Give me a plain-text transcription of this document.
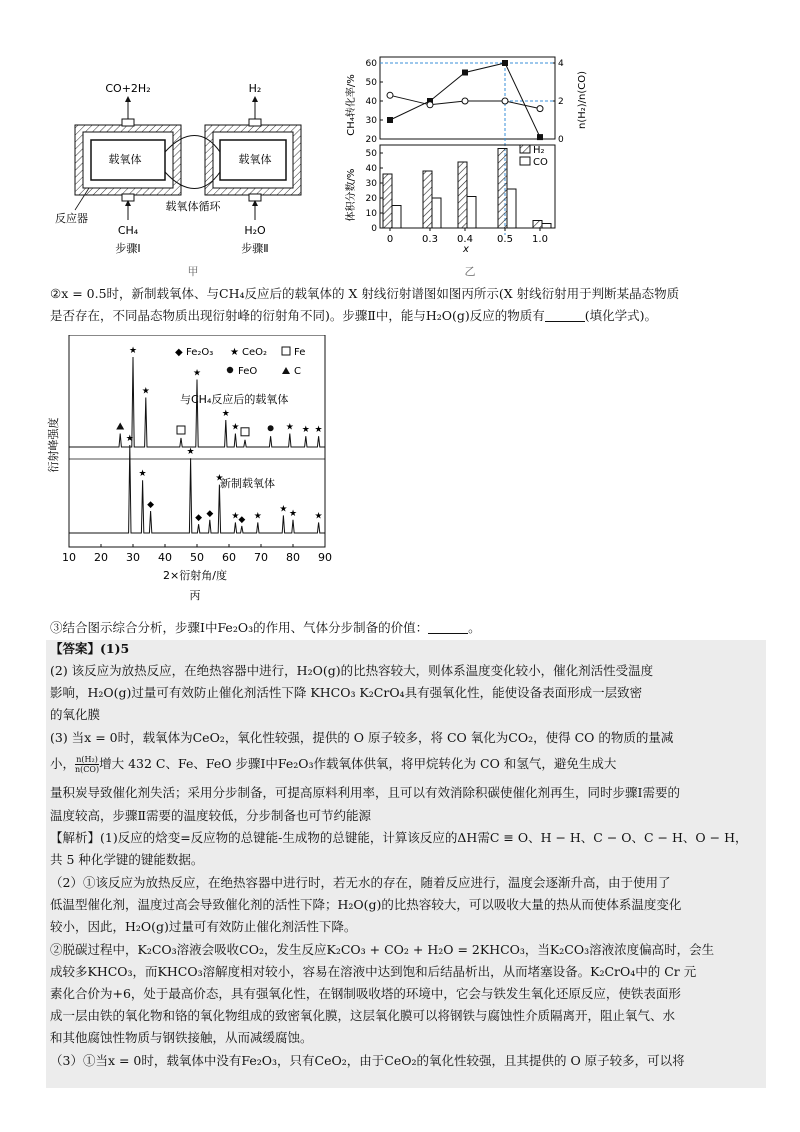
CO+2H₂	H₂
载氧体	载氧体
反应器
载氧体循环
CH₄	H₂O
步骤Ⅰ	步骤Ⅱ
甲
CH₄转化率/%	n(H₂)/n(CO)
体积分数/%
20
30
40
50
60
0
2
4
0
10
20
30
40
50
0	0.3 0.4 0.5 1.0
H₂
CO
x
乙
②x = 0.5时，新制载氧体、与CH₄反应后的载氧体的 X 射线衍射谱图如图丙所示(X 射线衍射用于判断某晶态物质
是否存在，不同晶态物质出现衍射峰的衍射角不同)。步骤Ⅱ中，能与H₂O(g)反应的物质有	(填化学式)。
◆ Fe₂O₃ ★ CeO₂	Fe
FeO	C
与CH₄反应后的载氧体
新制载氧体
衍射峰强度
10 20 30 40 50 60 70 80 90
★
★
★
★
★	★ ★ ★
★
★
◆
★
◆ ◆
★
★
◆ ★
★ ★ ★
2×衍射角/度
丙
③结合图示综合分析，步骤Ⅰ中Fe₂O₃的作用、气体分步制备的价值：	。
【答案】(1)5
(2) 该反应为放热反应，在绝热容器中进行，H₂O(g)的比热容较大，则体系温度变化较小，催化剂活性受温度
影响，H₂O(g)过量可有效防止催化剂活性下降 KHCO₃ K₂CrO₄具有强氧化性，能使设备表面形成一层致密
的氧化膜
(3) 当x = 0时，载氧体为CeO₂，氧化性较强，提供的 O 原子较多，将 CO 氧化为CO₂，使得 CO 的物质的量减
小， $\frac{\text{n(H₂)}}{n(CO)}$ 增大 432 C、Fe、FeO 步骤Ⅰ中Fe₂O₃作载氧体供氧，将甲烷转化为 CO 和氢气，避免生成大
量积炭导致催化剂失活；采用分步制备，可提高原料利用率，且可以有效消除积碳使催化剂再生，同时步骤Ⅰ需要的
温度较高，步骤Ⅱ需要的温度较低，分步制备也可节约能源
【解析】(1)反应的焓变=反应物的总键能-生成物的总键能，计算该反应的ΔH需C ≡ O、H − H、C − O、C − H、O − H，
共 5 种化学键的键能数据。
（2）①该反应为放热反应，在绝热容器中进行时，若无水的存在，随着反应进行，温度会逐渐升高，由于使用了
低温型催化剂，温度过高会导致催化剂的活性下降；H₂O(g)的比热容较大，可以吸收大量的热从而使体系温度变化
较小，因此，H₂O(g)过量可有效防止催化剂活性下降。
②脱碳过程中，K₂CO₃溶液会吸收CO₂，发生反应K₂CO₃ + CO₂ + H₂O = 2KHCO₃，当K₂CO₃溶液浓度偏高时，会生
成较多KHCO₃，而KHCO₃溶解度相对较小，容易在溶液中达到饱和后结晶析出，从而堵塞设备。K₂CrO₄中的 Cr 元
素化合价为+6，处于最高价态，具有强氧化性，在钢制吸收塔的环境中，它会与铁发生氧化还原反应，使铁表面形
成一层由铁的氧化物和铬的氧化物组成的致密氧化膜，这层氧化膜可以将钢铁与腐蚀性介质隔离开，阻止氧气、水
和其他腐蚀性物质与钢铁接触，从而减缓腐蚀。
（3）①当x = 0时，载氧体中没有Fe₂O₃，只有CeO₂，由于CeO₂的氧化性较强，且其提供的 O 原子较多，可以将
